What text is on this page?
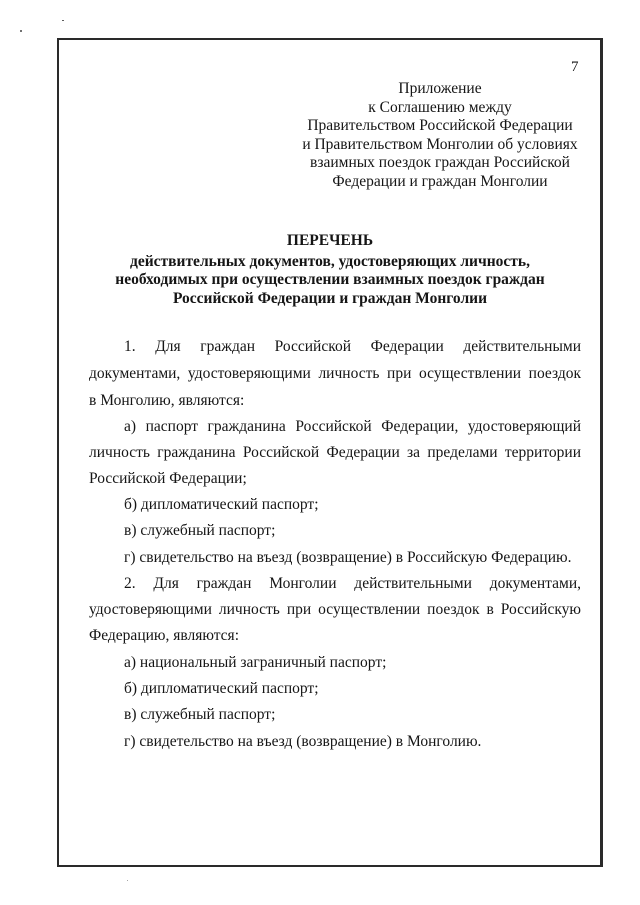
7
Приложение
к Соглашению между
Правительством Российской Федерации
и Правительством Монголии об условиях
взаимных поездок граждан Российской
Федерации и граждан Монголии
ПЕРЕЧЕНЬ
действительных документов, удостоверяющих личность,
необходимых при осуществлении взаимных поездок граждан
Российской Федерации и граждан Монголии
1. Для граждан Российской Федерации действительными
документами, удостоверяющими личность при осуществлении поездок
в Монголию, являются:
а) паспорт гражданина Российской Федерации, удостоверяющий
личность гражданина Российской Федерации за пределами территории
Российской Федерации;
б) дипломатический паспорт;
в) служебный паспорт;
г) свидетельство на въезд (возвращение) в Российскую Федерацию.
2. Для граждан Монголии действительными документами,
удостоверяющими личность при осуществлении поездок в Российскую
Федерацию, являются:
а) национальный заграничный паспорт;
б) дипломатический паспорт;
в) служебный паспорт;
г) свидетельство на въезд (возвращение) в Монголию.
